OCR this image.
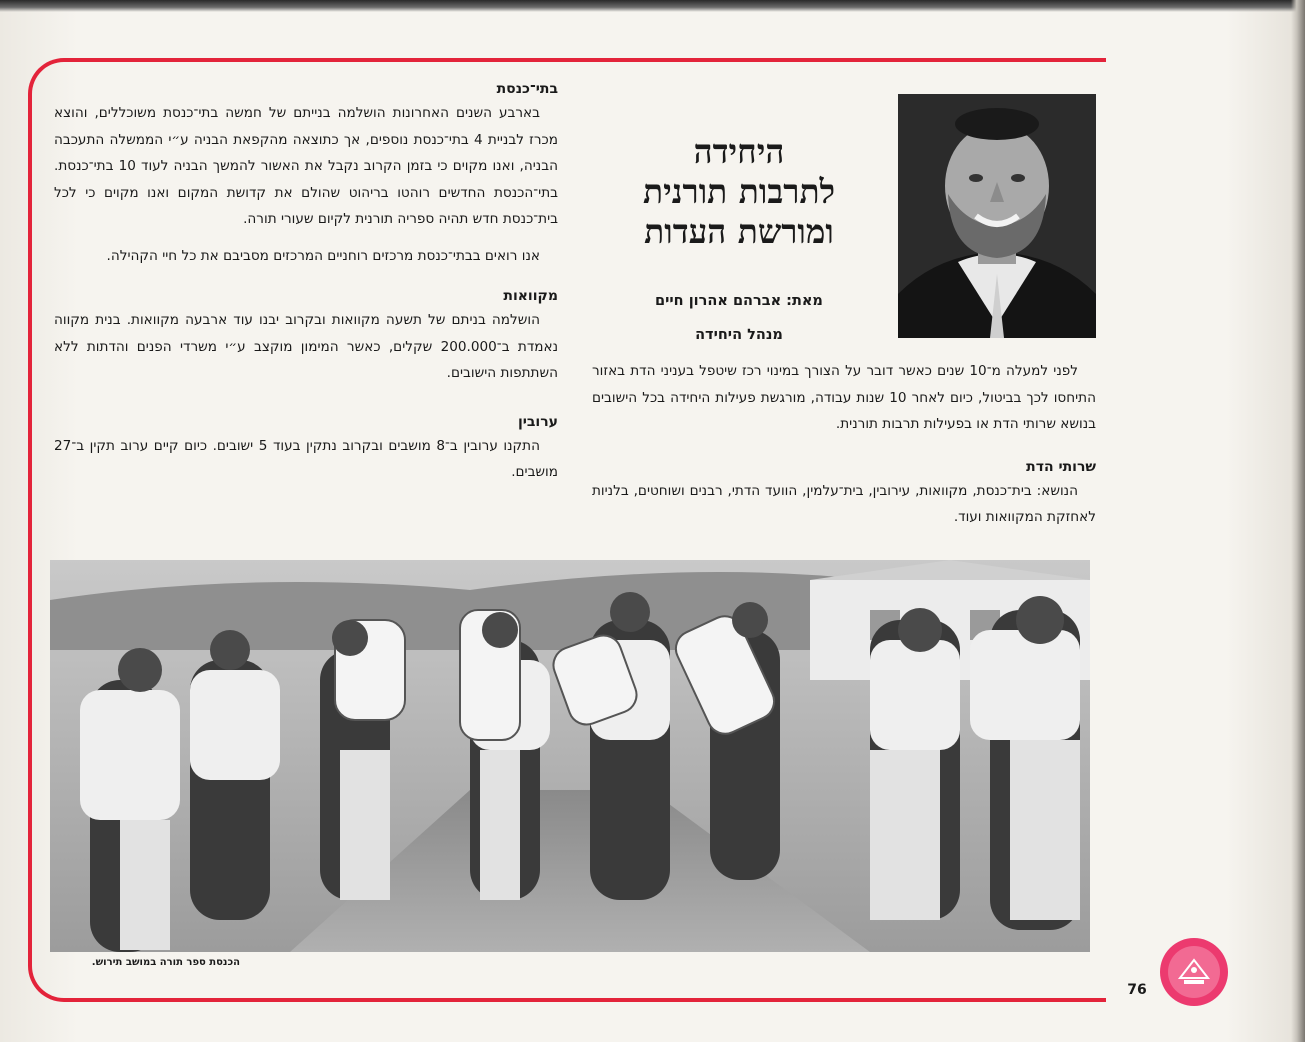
בתי־כנסת

בארבע השנים האחרונות הושלמה בנייתם של חמשה בתי־כנסת משוכללים, והוצא מכרז לבניית 4 בתי־כנסת נוספים, אך כתוצאה מהקפאת הבניה ע״י הממשלה התעכבה הבניה, ואנו מקוים כי בזמן הקרוב נקבל את האשור להמשך הבניה לעוד 10 בתי־כנסת. בתי־הכנסת החדשים רוהטו בריהוט שהולם את קדושת המקום ואנו מקוים כי לכל בית־כנסת חדש תהיה ספריה תורנית לקיום שעורי תורה.

אנו רואים בבתי־כנסת מרכזים רוחניים המרכזים מסביבם את כל חיי הקהילה.

מקוואות

הושלמה בניתם של תשעה מקוואות ובקרוב יבנו עוד ארבעה מקוואות. בנית מקווה נאמדת ב־200.000 שקלים, כאשר המימון מוקצב ע״י משרדי הפנים והדתות ללא השתתפות הישובים.

ערובין

התקנו ערובין ב־8 מושבים ובקרוב נתקין בעוד 5 ישובים. כיום קיים ערוב תקין ב־27 מושבים.

היחידה
לתרבות תורנית
ומורשת העדות
מאת: אברהם אהרון חיים
מנהל היחידה

לפני למעלה מ־10 שנים כאשר דובר על הצורך במינוי רכז שיטפל בעניני הדת באזור התיחסו לכך בביטול, כיום לאחר 10 שנות עבודה, מורגשת פעילות היחידה בכל הישובים בנושא שרותי הדת או בפעילות תרבות תורנית.

שרותי הדת

הנושא: בית־כנסת, מקוואות, עירובין, בית־עלמין, הוועד הדתי, רבנים ושוחטים, בלניות לאחזקת המקוואות ועוד.

הכנסת ספר תורה במושב תירוש.
76
